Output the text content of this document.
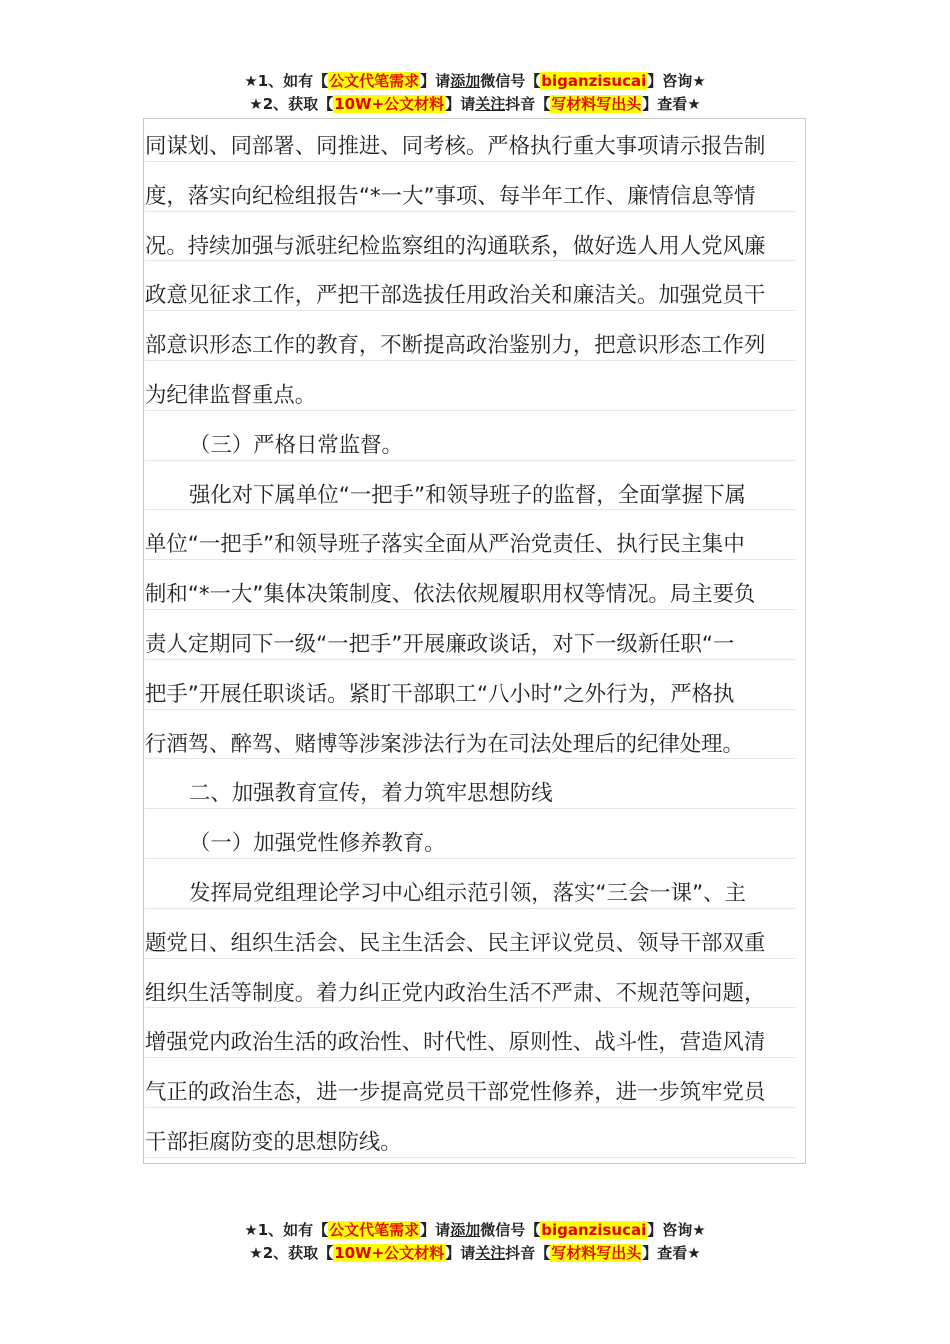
★1、如有【公文代笔需求】请添加微信号【biganzisucai】咨询★
★2、获取【10W+公文材料】请关注抖音【写材料写出头】查看★
同谋划、同部署、同推进、同考核。严格执行重大事项请示报告制
度，落实向纪检组报告“*一大”事项、每半年工作、廉情信息等情
况。持续加强与派驻纪检监察组的沟通联系，做好选人用人党风廉
政意见征求工作，严把干部选拔任用政治关和廉洁关。加强党员干
部意识形态工作的教育，不断提高政治鉴别力，把意识形态工作列
为纪律监督重点。
（三）严格日常监督。
强化对下属单位“一把手”和领导班子的监督，全面掌握下属
单位“一把手”和领导班子落实全面从严治党责任、执行民主集中
制和“*一大”集体决策制度、依法依规履职用权等情况。局主要负
责人定期同下一级“一把手”开展廉政谈话，对下一级新任职“一
把手”开展任职谈话。紧盯干部职工“八小时”之外行为，严格执
行酒驾、醉驾、赌博等涉案涉法行为在司法处理后的纪律处理。
二、加强教育宣传，着力筑牢思想防线
（一）加强党性修养教育。
发挥局党组理论学习中心组示范引领，落实“三会一课”、主
题党日、组织生活会、民主生活会、民主评议党员、领导干部双重
组织生活等制度。着力纠正党内政治生活不严肃、不规范等问题，
增强党内政治生活的政治性、时代性、原则性、战斗性，营造风清
气正的政治生态，进一步提高党员干部党性修养，进一步筑牢党员
干部拒腐防变的思想防线。
★1、如有【公文代笔需求】请添加微信号【biganzisucai】咨询★
★2、获取【10W+公文材料】请关注抖音【写材料写出头】查看★
